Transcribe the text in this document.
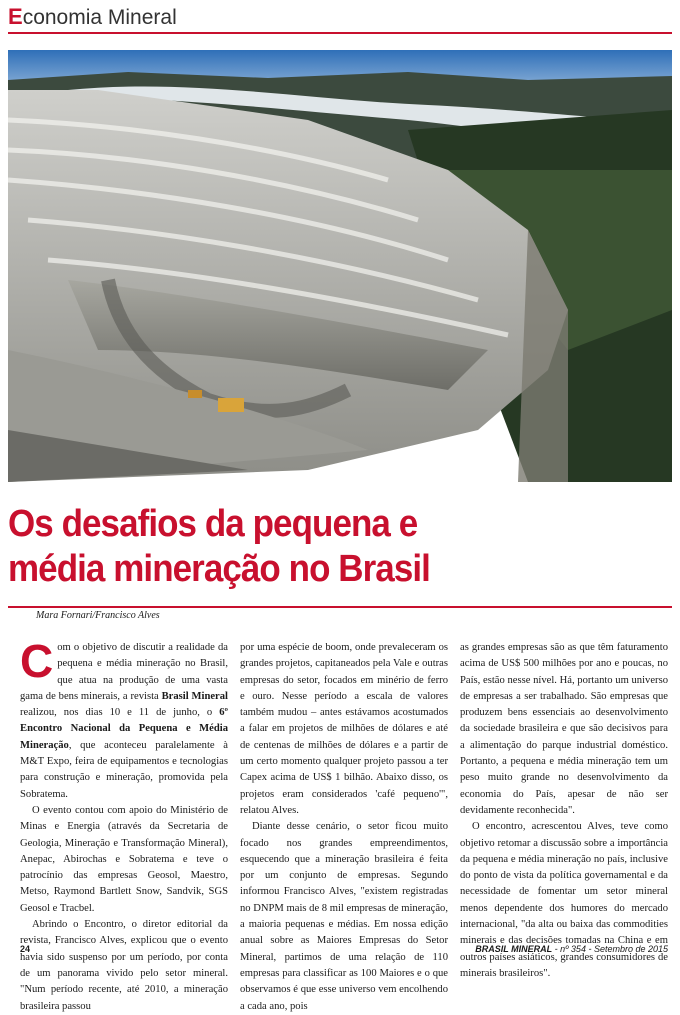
Economia Mineral
Os desafios da pequena e
média mineração no Brasil
Mara Fornari/Francisco Alves

Com o objetivo de discutir a realidade da pequena e média mineração no Brasil, que atua na produção de uma vasta gama de bens minerais, a revista Brasil Mineral realizou, nos dias 10 e 11 de junho, o 6º Encontro Nacional da Pequena e Média Mineração, que aconteceu paralelamente à M&T Expo, feira de equipamentos e tecnologias para construção e mineração, promovida pela Sobratema.

O evento contou com apoio do Ministério de Minas e Energia (através da Secretaria de Geologia, Mineração e Transformação Mineral), Anepac, Abirochas e Sobratema e teve o patrocínio das empresas Geosol, Maestro, Metso, Raymond Bartlett Snow, Sandvik, SGS Geosol e Tracbel.

Abrindo o Encontro, o diretor editorial da revista, Francisco Alves, explicou que o evento havia sido suspenso por um período, por conta de um panorama vivido pelo setor mineral. "Num período recente, até 2010, a mineração brasileira passou

por uma espécie de boom, onde prevaleceram os grandes projetos, capitaneados pela Vale e outras empresas do setor, focados em minério de ferro e ouro. Nesse período a escala de valores também mudou – antes estávamos acostumados a falar em projetos de milhões de dólares e até de centenas de milhões de dólares e a partir de um certo momento qualquer projeto passou a ter Capex acima de US$ 1 bilhão. Abaixo disso, os projetos eram considerados 'café pequeno'", relatou Alves.

Diante desse cenário, o setor ficou muito focado nos grandes empreendimentos, esquecendo que a mineração brasileira é feita por um conjunto de empresas. Segundo informou Francisco Alves, "existem registradas no DNPM mais de 8 mil empresas de mineração, a maioria pequenas e médias. Em nossa edição anual sobre as Maiores Empresas do Setor Mineral, partimos de uma relação de 110 empresas para classificar as 100 Maiores e o que observamos é que esse universo vem encolhendo a cada ano, pois

as grandes empresas são as que têm faturamento acima de US$ 500 milhões por ano e poucas, no País, estão nesse nível. Há, portanto um universo de empresas a ser trabalhado. São empresas que produzem bens essenciais ao desenvolvimento da sociedade brasileira e que são decisivos para a alimentação do parque industrial doméstico. Portanto, a pequena e média mineração tem um peso muito grande no desenvolvimento da economia do País, apesar de não ser devidamente reconhecida".

O encontro, acrescentou Alves, teve como objetivo retomar a discussão sobre a importância da pequena e média mineração no país, inclusive do ponto de vista da política governamental e da necessidade de fomentar um setor mineral menos dependente dos humores do mercado internacional, "da alta ou baixa das commodities minerais e das decisões tomadas na China e em outros países asiáticos, grandes consumidores de minerais brasileiros".

24	BRASIL MINERAL - nº 354 - Setembro de 2015
